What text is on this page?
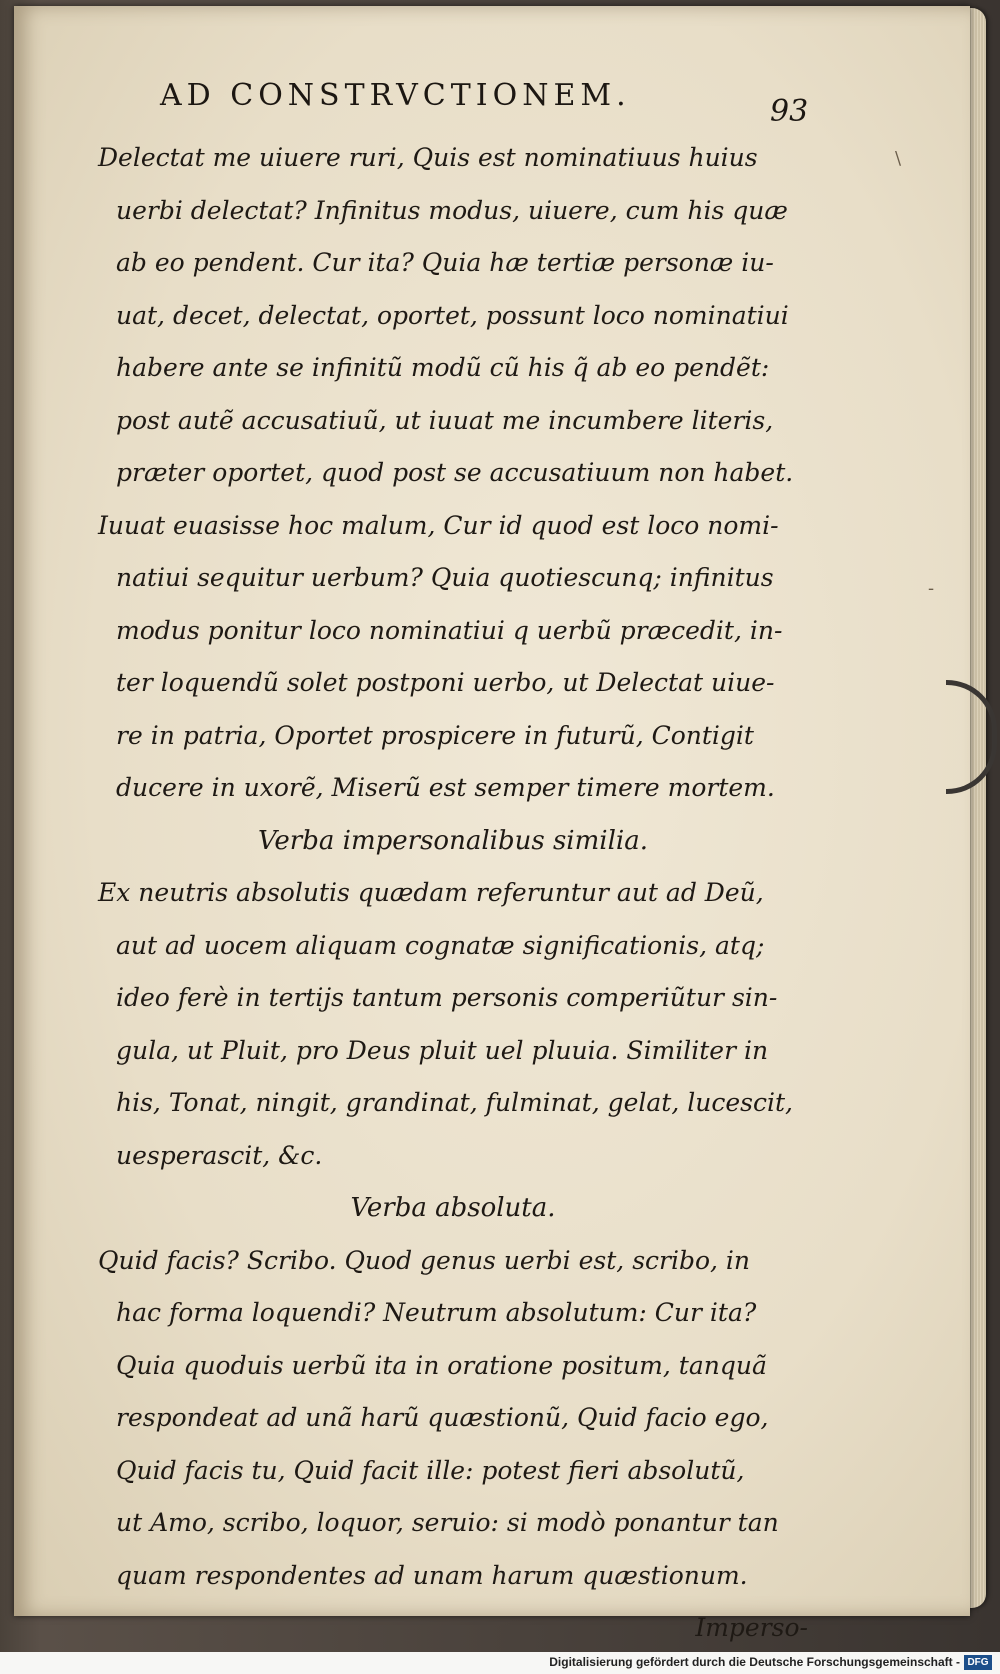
AD CONSTRVCTIONEM.	93
Delectat me uiuere ruri, Quis est nominatiuus huius
uerbi delectat? Infinitus modus, uiuere, cum his quæ
ab eo pendent. Cur ita? Quia hæ tertiæ personæ iu-
uat, decet, delectat, oportet, possunt loco nominatiui
habere ante se infinitũ modũ cũ his q̃ ab eo pendẽt:
post autẽ accusatiuũ, ut iuuat me incumbere literis,
præter oportet, quod post se accusatiuum non habet.
Iuuat euasisse hoc malum, Cur id quod est loco nomi-
natiui sequitur uerbum? Quia quotiescunq; infinitus
modus ponitur loco nominatiui q uerbũ præcedit, in-
ter loquendũ solet postponi uerbo, ut Delectat uiue-
re in patria, Oportet prospicere in futurũ, Contigit
ducere in uxorẽ, Miserũ est semper timere mortem.
Verba impersonalibus similia.
Ex neutris absolutis quædam referuntur aut ad Deũ,
aut ad uocem aliquam cognatæ significationis, atq;
ideo ferè in tertijs tantum personis comperiũtur sin-
gula, ut Pluit, pro Deus pluit uel pluuia. Similiter in
his, Tonat, ningit, grandinat, fulminat, gelat, lucescit,
uesperascit, &c.
Verba absoluta.
Quid facis? Scribo. Quod genus uerbi est, scribo, in
hac forma loquendi? Neutrum absolutum: Cur ita?
Quia quoduis uerbũ ita in oratione positum, tanquã
respondeat ad unã harũ quæstionũ, Quid facio ego,
Quid facis tu, Quid facit ille: potest fieri absolutũ,
ut Amo, scribo, loquor, seruio: si modò ponantur tan
quam respondentes ad unam harum quæstionum.
Imperso-
\
-
Digitalisierung gefördert durch die Deutsche Forschungsgemeinschaft - DFG
